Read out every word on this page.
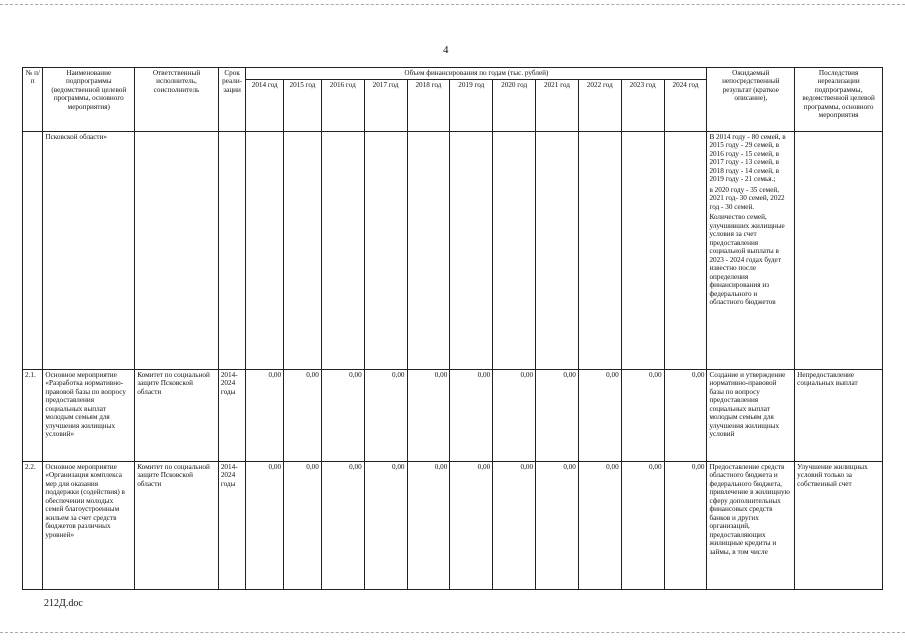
4
№ п/п	Наименование подпрограммы (ведомственной целевой программы, основного мероприятия)	Ответственный исполнитель, соисполнитель	Срок реали- зации	Объем финансирования по годам (тыс. рублей)											Ожидаемый непосредственный результат (краткое описание),	Последствия нереализации подпрограммы, ведомственной целевой программы, основного мероприятия
				2014 год	2015 год	2016 год	2017 год	2018 год	2019 год	2020 год	2021 год	2022 год	2023 год	2024 год		
	Псковской области»														В 2014 году - 80 семей, в 2015 году - 29 семей, в 2016 году - 15 семей, в 2017 году - 13 семей, в 2018 году - 14 семей, в 2019 году - 21 семья.;
в 2020 году - 35 семей, 2021 год- 30 семей, 2022 год - 30 семей.
Количество семей, улучшивших жилищные условия за счет предоставления социальной выплаты в 2023 - 2024 годах будет известно после определения финансирования из федерального и областного бюджетов	

2.1.	Основное мероприятие «Разработка нормативно-правовой базы по вопросу предоставления социальных выплат молодым семьям для улучшения жилищных условий»	Комитет по социальной защите Псковской области	2014- 2024 годы	0,00	0,00	0,00	0,00	0,00	0,00	0,00	0,00	0,00	0,00	0,00	Создание и утверждение нормативно-правовой базы по вопросу предоставления социальных выплат молодым семьям для улучшения жилищных условий	Непредоставление социальных выплат
2.2.	Основное мероприятие «Организация комплекса мер для оказания поддержки (содействия) в обеспечении молодых семей благоустроенным жильем за счет средств бюджетов различных уровней»	Комитет по социальной защите Псковской области	2014- 2024 годы	0,00	0,00	0,00	0,00	0,00	0,00	0,00	0,00	0,00	0,00	0,00	Предоставление средств областного бюджета и федерального бюджета, привлечение в жилищную сферу дополнительных финансовых средств банков и других организаций, предоставляющих жилищные кредиты и займы, в том числе	Улучшение жилищных условий только за собственный счет
212Д.doc
